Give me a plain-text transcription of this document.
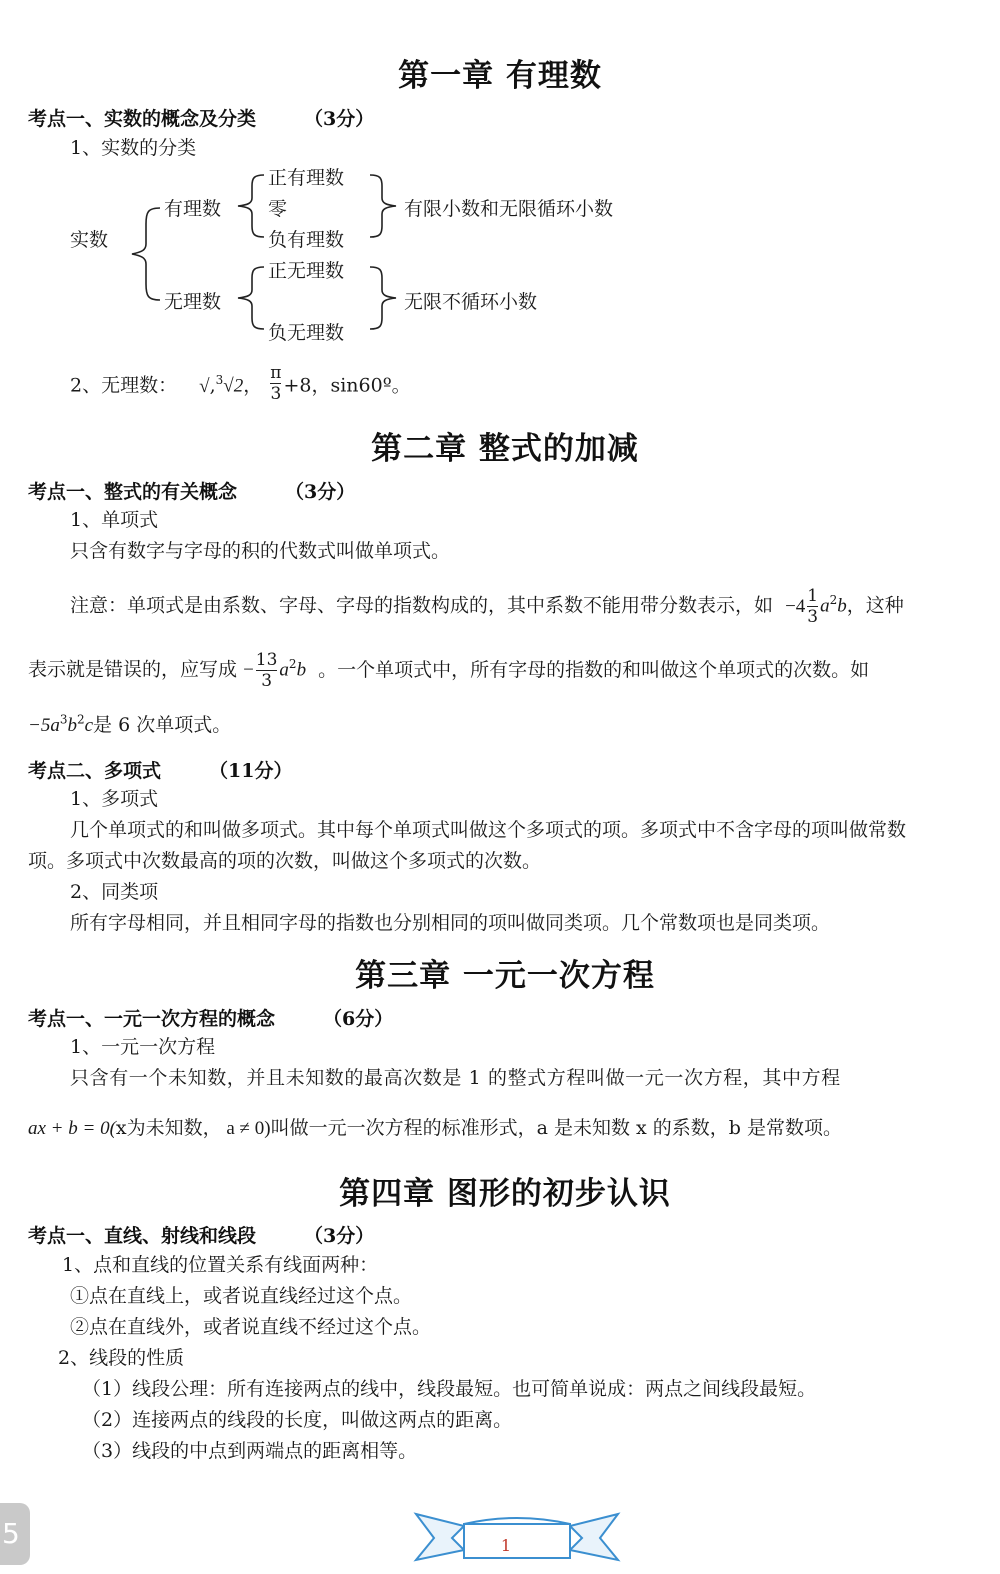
第一章 有理数
考点一、实数的概念及分类	（3分）
1、实数的分类
实数
有理数
无理数
正有理数
零
负有理数
有限小数和无限循环小数
正无理数
负无理数
无限不循环小数
2、无理数： √,$^3$√2， $\frac{\pi}{3} +8$，sin60º。
第二章 整式的加减
考点一、整式的有关概念	（3分）
1、单项式
只含有数字与字母的积的代数式叫做单项式。
注意：单项式是由系数、字母、字母的指数构成的，其中系数不能用带分数表示，如 $-4 \frac{1}{3} a^2b$，这种
表示就是错误的，应写成 − $\frac{13}{3} a^2b$ 。一个单项式中，所有字母的指数的和叫做这个单项式的次数。如
$-5a^3b^2c$是 6 次单项式。
考点二、多项式	（11分）
1、多项式
几个单项式的和叫做多项式。其中每个单项式叫做这个多项式的项。多项式中不含字母的项叫做常数
项。多项式中次数最高的项的次数，叫做这个多项式的次数。
2、同类项
所有字母相同，并且相同字母的指数也分别相同的项叫做同类项。几个常数项也是同类项。
第三章 一元一次方程
考点一、一元一次方程的概念	（6分）
1、一元一次方程
只含有一个未知数，并且未知数的最高次数是 1 的整式方程叫做一元一次方程，其中方程
ax + b = 0(x为未知数， a ≠ 0)叫做一元一次方程的标准形式，a 是未知数 x 的系数，b 是常数项。
第四章 图形的初步认识
考点一、直线、射线和线段	（3分）
1、点和直线的位置关系有线面两种：
①点在直线上，或者说直线经过这个点。
②点在直线外，或者说直线不经过这个点。
2、线段的性质
（1）线段公理：所有连接两点的线中，线段最短。也可简单说成：两点之间线段最短。
（2）连接两点的线段的长度，叫做这两点的距离。
（3）线段的中点到两端点的距离相等。
5	1
